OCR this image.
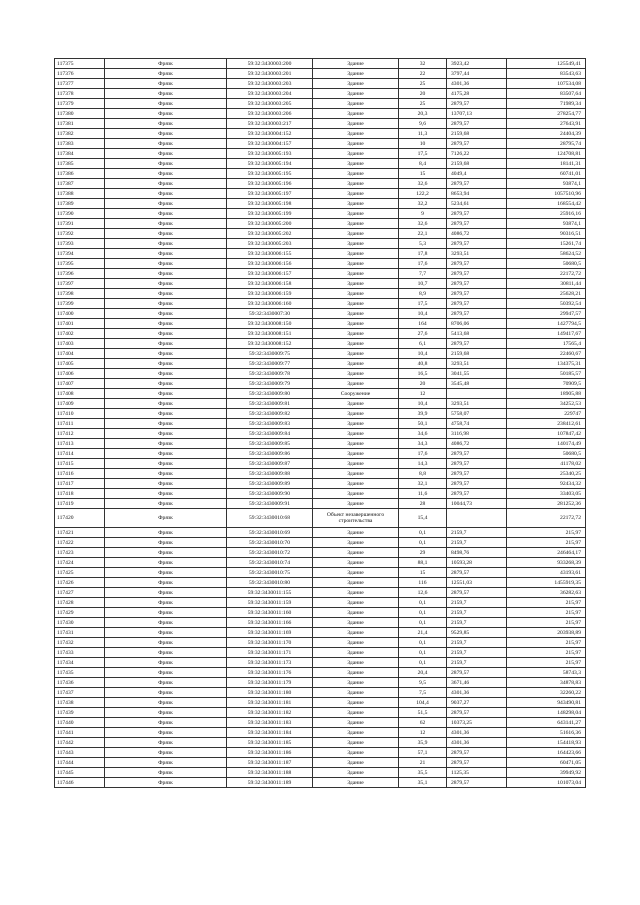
117375	Фрязк	59:32:3430003:200	Здание	32	3923,42	125549,41
117376	Фрязк	59:32:3430003:201	Здание	22	3797,44	83543,63
117377	Фрязк	59:32:3430003:203	Здание	25	4301,36	107534,08
117378	Фрязк	59:32:3430003:204	Здание	20	4175,28	83507,64
117379	Фрязк	59:32:3430003:205	Здание	25	2879,57	71989,34
117380	Фрязк	59:32:3430003:206	Здание	20,3	13707,13	278254,77
117381	Фрязк	59:32:3430003:217	Здание	9,6	2879,57	27643,91
117382	Фрязк	59:32:3430004:152	Здание	11,3	2159,68	24404,39
117383	Фрязк	59:32:3430004:157	Здание	10	2879,57	28795,74
117384	Фрязк	59:32:3430005:193	Здание	17,5	7126,22	124708,81
117385	Фрязк	59:32:3430005:194	Здание	8,4	2159,68	18141,31
117386	Фрязк	59:32:3430005:195	Здание	15	4049,4	60741,01
117387	Фрязк	59:32:3430005:196	Здание	32,6	2879,57	93874,1
117388	Фрязк	59:32:3430005:197	Здание	122,2	8653,94	1057510,96
117389	Фрязк	59:32:3430005:198	Здание	32,2	5234,61	168554,42
117390	Фрязк	59:32:3430005:199	Здание	9	2879,57	25916,16
117391	Фрязк	59:32:3430005:200	Здание	32,6	2879,57	93874,1
117392	Фрязк	59:32:3430005:202	Здание	22,1	4086,72	90316,51
117393	Фрязк	59:32:3430005:203	Здание	5,3	2879,57	15261,74
117394	Фрязк	59:32:3430006:155	Здание	17,8	3293,51	58624,52
117395	Фрязк	59:32:3430006:156	Здание	17,6	2879,57	50680,5
117396	Фрязк	59:32:3430006:157	Здание	7,7	2879,57	22172,72
117397	Фрязк	59:32:3430006:158	Здание	10,7	2879,57	30811,44
117398	Фрязк	59:32:3430006:159	Здание	8,9	2879,57	25628,21
117399	Фрязк	59:32:3430006:160	Здание	17,5	2879,57	50392,54
117400	Фрязк	59:32:3430007:30	Здание	10,4	2879,57	29947,57
117401	Фрязк	59:32:3430008:150	Здание	164	8706,06	1427794,5
117402	Фрязк	59:32:3430008:151	Здание	27,6	5413,68	149417,67
117403	Фрязк	59:32:3430008:152	Здание	6,1	2879,57	17565,4
117404	Фрязк	59:32:3430009:75	Здание	10,4	2159,68	22460,67
117405	Фрязк	59:32:3430009:77	Здание	40,8	3293,51	134375,31
117406	Фрязк	59:32:3430009:78	Здание	16,5	3041,55	50185,57
117407	Фрязк	59:32:3430009:79	Здание	20	3545,48	70909,5
117408	Фрязк	59:32:3430009:80	Сооружение	12		18905,88
117409	Фрязк	59:32:3430009:81	Здание	10,4	3293,51	34252,53
117410	Фрязк	59:32:3430009:82	Здание	39,9	5758,07	229747
117411	Фрязк	59:32:3430009:83	Здание	50,1	4758,74	238412,61
117412	Фрязк	59:32:3430009:84	Здание	34,6	3116,98	107847,42
117413	Фрязк	59:32:3430009:85	Здание	34,3	4086,72	140174,49
117414	Фрязк	59:32:3430009:86	Здание	17,6	2879,57	50680,5
117415	Фрязк	59:32:3430009:87	Здание	14,3	2879,57	41178,02
117416	Фрязк	59:32:3430009:88	Здание	8,8	2879,57	25340,25
117417	Фрязк	59:32:3430009:89	Здание	32,1	2879,57	92434,32
117418	Фрязк	59:32:3430009:90	Здание	11,6	2879,57	33403,05
117419	Фрязк	59:32:3430009:91	Здание	28	10044,73	281252,36
117420	Фрязк	59:32:3430010:68	Объект незавершенного строительства	15,4		22172,72
117421	Фрязк	59:32:3430010:69	Здание	0,1	2159,7	215,97
117422	Фрязк	59:32:3430010:70	Здание	0,1	2159,7	215,97
117423	Фрязк	59:32:3430010:72	Здание	29	8498,76	246464,17
117424	Фрязк	59:32:3430010:74	Здание	88,1	10593,28	933268,39
117425	Фрязк	59:32:3430010:75	Здание	15	2879,57	43193,61
117426	Фрязк	59:32:3430010:80	Здание	116	12551,03	1455919,35
117427	Фрязк	59:32:3430011:155	Здание	12,6	2879,57	36282,63
117428	Фрязк	59:32:3430011:159	Здание	0,1	2159,7	215,97
117429	Фрязк	59:32:3430011:160	Здание	0,1	2159,7	215,97
117430	Фрязк	59:32:3430011:166	Здание	0,1	2159,7	215,97
117431	Фрязк	59:32:3430011:169	Здание	21,4	9529,85	203938,89
117432	Фрязк	59:32:3430011:170	Здание	0,1	2159,7	215,97
117433	Фрязк	59:32:3430011:171	Здание	0,1	2159,7	215,97
117434	Фрязк	59:32:3430011:173	Здание	0,1	2159,7	215,97
117435	Фрязк	59:32:3430011:176	Здание	20,4	2879,57	58743,3
117436	Фрязк	59:32:3430011:179	Здание	9,5	3671,46	34878,83
117437	Фрязк	59:32:3430011:180	Здание	7,5	4301,36	32260,22
117438	Фрязк	59:32:3430011:181	Здание	104,4	9037,27	943490,81
117439	Фрязк	59:32:3430011:182	Здание	51,5	2879,57	148298,04
117440	Фрязк	59:32:3430011:183	Здание	62	10373,25	643141,27
117441	Фрязк	59:32:3430011:184	Здание	12	4301,36	51616,36
117442	Фрязк	59:32:3430011:185	Здание	35,9	4301,36	154418,93
117443	Фрязк	59:32:3430011:186	Здание	57,1	2879,57	164423,66
117444	Фрязк	59:32:3430011:187	Здание	21	2879,57	60471,05
117445	Фрязк	59:32:3430011:188	Здание	35,5	1125,35	39949,92
117446	Фрязк	59:32:3430011:189	Здание	35,1	2879,57	101073,04
